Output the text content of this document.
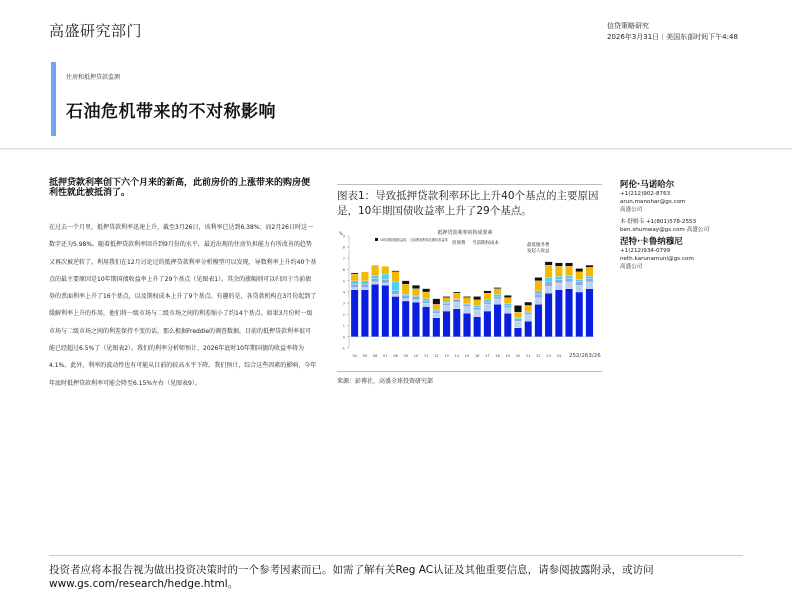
高盛研究部门	信贷策略研究
2026年3月31日｜美国东部时间下午4:48
住房和抵押贷款监测
石油危机带来的不对称影响
抵押贷款利率创下六个月来的新高，此前房价的上涨带来的购房便利性就此被抵消了。
在过去一个月里，抵押贷款利率迅速上升，截至3月26日，该利率已达到6.38%；而2月26日时这一数字还为5.98%。随着抵押贷款利率回升到9月份的水平，最近出现的住房负担能力有所改善的趋势又再次被逆转了。利用我们在12月讨论过的抵押贷款利率分析模型可以发现，导数利率上升约40个基点的最主要原因是10年期国债收益率上升了29个基点（见图表1）。其余的涨幅则可以归因于当前债券的票面利率上升了16个基点，以及期权成本上升了9个基点。有趣的是，各贷款机构在3月份起到了缓解利率上升的作用，他们将一级市场与二级市场之间的利差缩小了约14个基点。如果3月份时一级市场与二级市场之间的利差保持不变的话，那么根据Freddie的调查数据，目前的抵押贷款利率很可能已经超过6.5%了（见图表2）。我们的利率分析师预计，2026年底时10年期国债的收益率将为4.1%。此外，利率的波动性也有可能从目前的较高水平下降。我们预计，综合这些因素的影响，今年年底时抵押贷款利率可能会降至6.15%左右（见图表9）。
图表1：导致抵押贷款利率环比上升40个基点的主要原因是，10年期国债收益率上升了29个基点。
%
-1
0
1
2
3
4
5
6
7
8
9
04 05 06 07 08 09 10 11 12 13 14 15 16 17 18 19 20 21 22 23 24 252/263/26
抵押贷款利率的构成要素
10年期国债收益率，当前票面利率及期权收益率
担保费 当前期权成本	最低服务费
发起人收益
来源：彭博社，高盛全球投资研究部
阿伦·马诺哈尔
+1(212)902-8763
arun.manohar@gs.com
高盛公司
本·舒姆韦 +1(801)578-2553
ben.shumway@gs.com 高盛公司
涅特·卡鲁纳穆尼
+1(212)934-0799
neth.karunamuni@gs.com
高盛公司
投资者应将本报告视为做出投资决策时的一个参考因素而已。如需了解有关Reg AC认证及其他重要信息，请参阅披露附录，或访问
www.gs.com/research/hedge.html。
